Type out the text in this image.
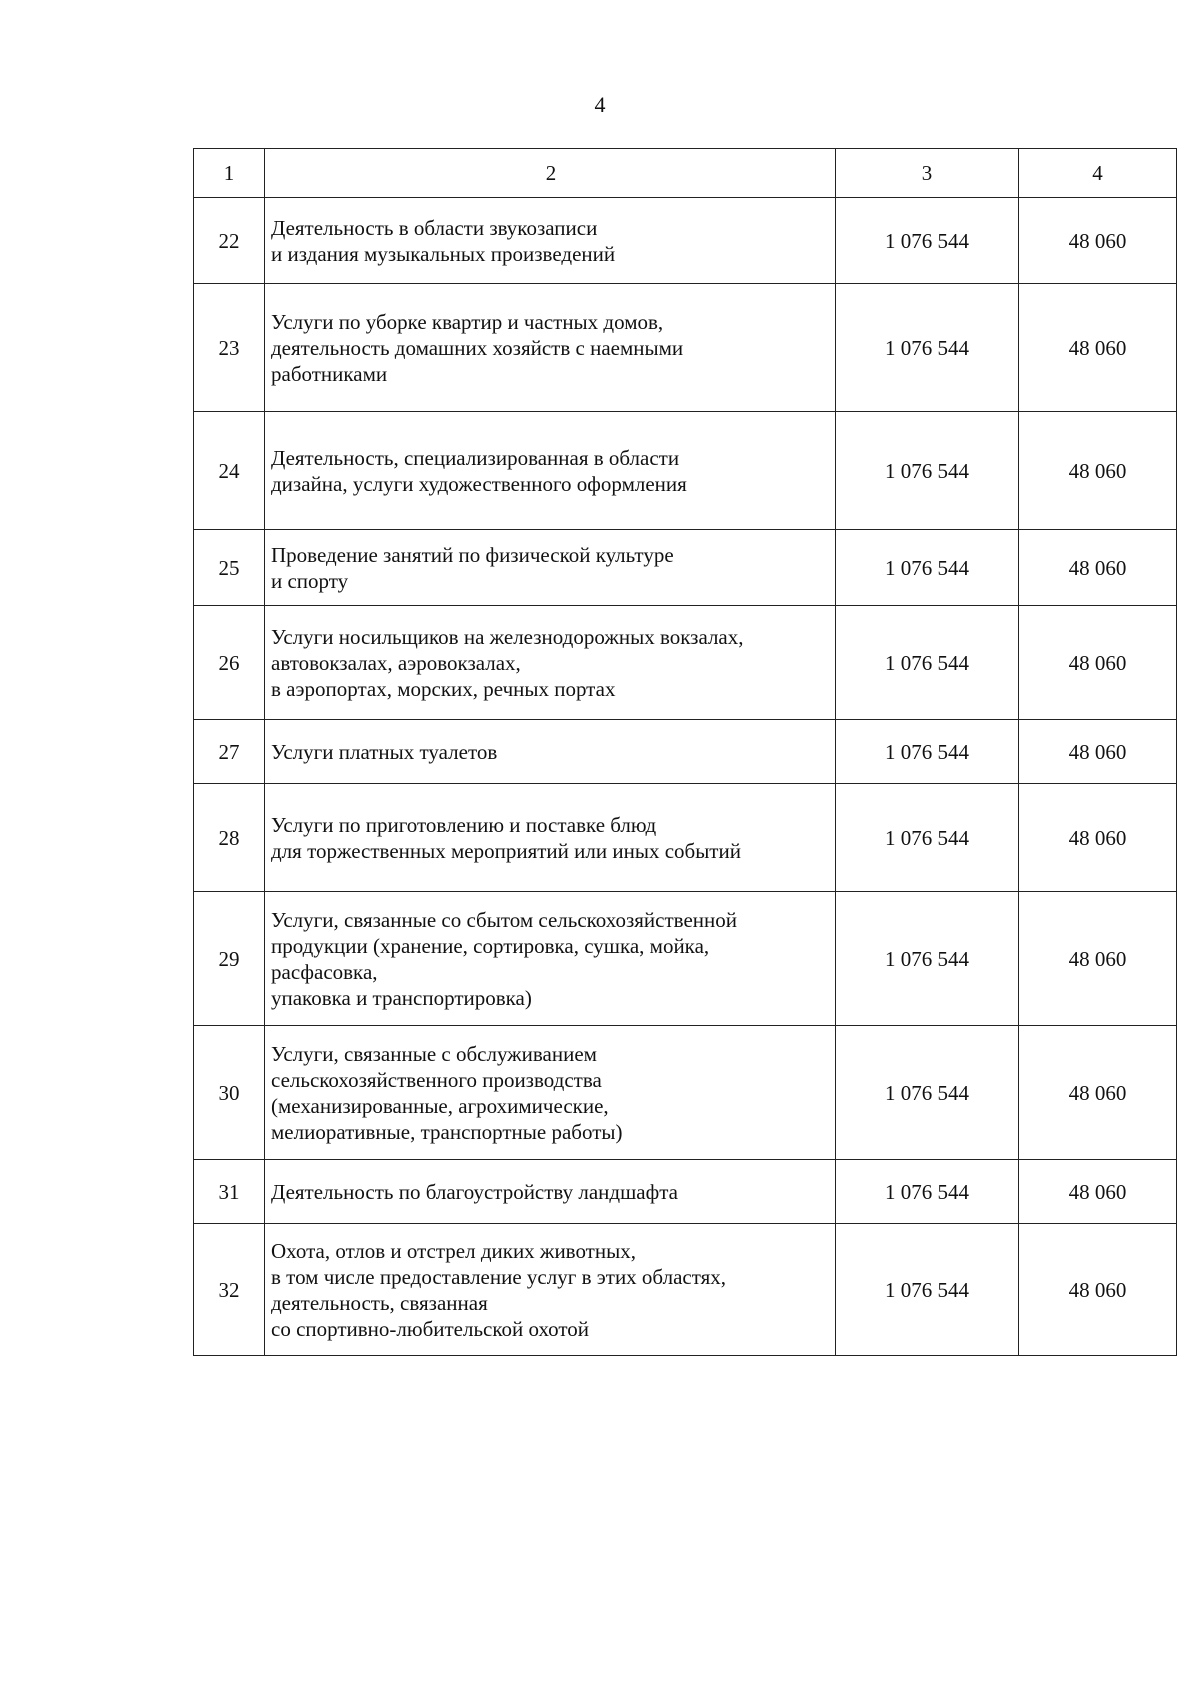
4
1	2	3	4
22	Деятельность в области звукозаписи
и издания музыкальных произведений	1 076 544	48 060
23	Услуги по уборке квартир и частных домов,
деятельность домашних хозяйств с наемными
работниками	1 076 544	48 060
24	Деятельность, специализированная в области
дизайна, услуги художественного оформления	1 076 544	48 060
25	Проведение занятий по физической культуре
и спорту	1 076 544	48 060
26	Услуги носильщиков на железнодорожных вокзалах,
автовокзалах, аэровокзалах,
в аэропортах, морских, речных портах	1 076 544	48 060
27	Услуги платных туалетов	1 076 544	48 060
28	Услуги по приготовлению и поставке блюд
для торжественных мероприятий или иных событий	1 076 544	48 060
29	Услуги, связанные со сбытом сельскохозяйственной
продукции (хранение, сортировка, сушка, мойка,
расфасовка,
упаковка и транспортировка)	1 076 544	48 060
30	Услуги, связанные с обслуживанием
сельскохозяйственного производства
(механизированные, агрохимические,
мелиоративные, транспортные работы)	1 076 544	48 060
31	Деятельность по благоустройству ландшафта	1 076 544	48 060
32	Охота, отлов и отстрел диких животных,
в том числе предоставление услуг в этих областях,
деятельность, связанная
со спортивно-любительской охотой	1 076 544	48 060
